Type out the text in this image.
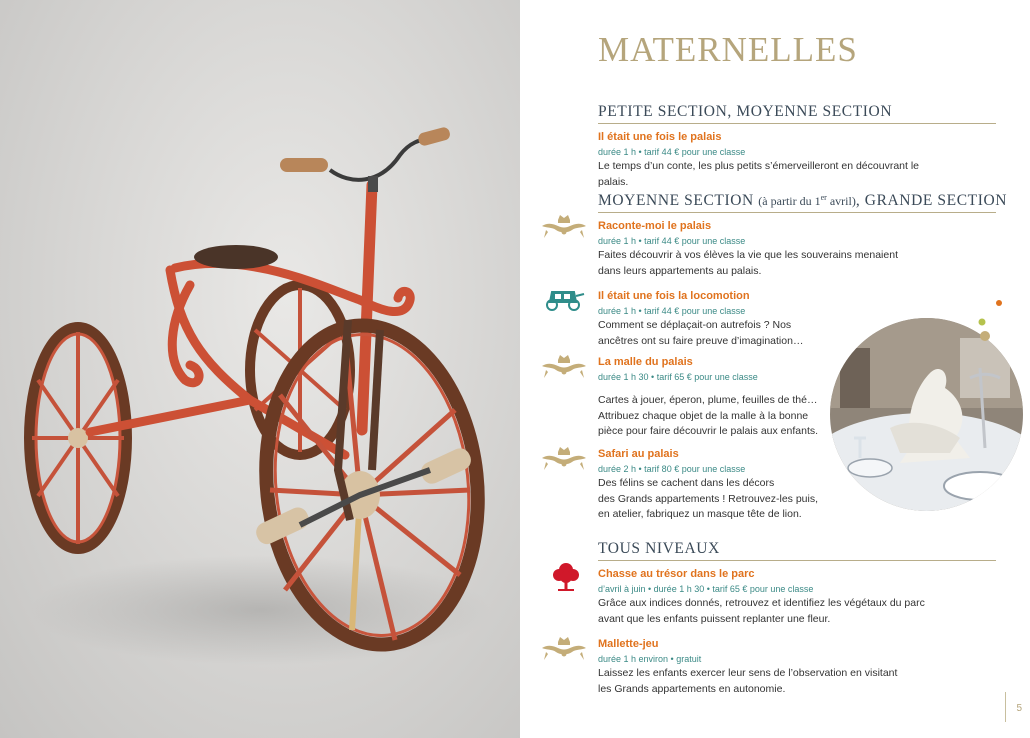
MATERNELLES
PETITE SECTION, MOYENNE SECTION

Il était une fois le palais

durée 1 h • tarif 44 € pour une classe

Le temps d’un conte, les plus petits s’émerveilleront en découvrant le palais.

MOYENNE SECTION (à partir du 1er avril), GRANDE SECTION

Raconte-moi le palais

durée 1 h • tarif 44 € pour une classe

Faites découvrir à vos élèves la vie que les souverains menaient

dans leurs appartements au palais.

Il était une fois la locomotion

durée 1 h • tarif 44 € pour une classe

Comment se déplaçait-on autrefois ? Nos

ancêtres ont su faire preuve d’imagination…

La malle du palais

durée 1 h 30 • tarif 65 € pour une classe

Cartes à jouer, éperon, plume, feuilles de thé…

Attribuez chaque objet de la malle à la bonne

pièce pour faire découvrir le palais aux enfants.

Safari au palais

durée 2 h • tarif 80 € pour une classe

Des félins se cachent dans les décors

des Grands appartements ! Retrouvez-les puis,

en atelier, fabriquez un masque tête de lion.

TOUS NIVEAUX

Chasse au trésor dans le parc

d’avril à juin • durée 1 h 30 • tarif 65 € pour une classe

Grâce aux indices donnés, retrouvez et identifiez les végétaux du parc

avant que les enfants puissent replanter une fleur.

Mallette-jeu

durée 1 h environ • gratuit

Laissez les enfants exercer leur sens de l’observation en visitant

les Grands appartements en autonomie.

5
